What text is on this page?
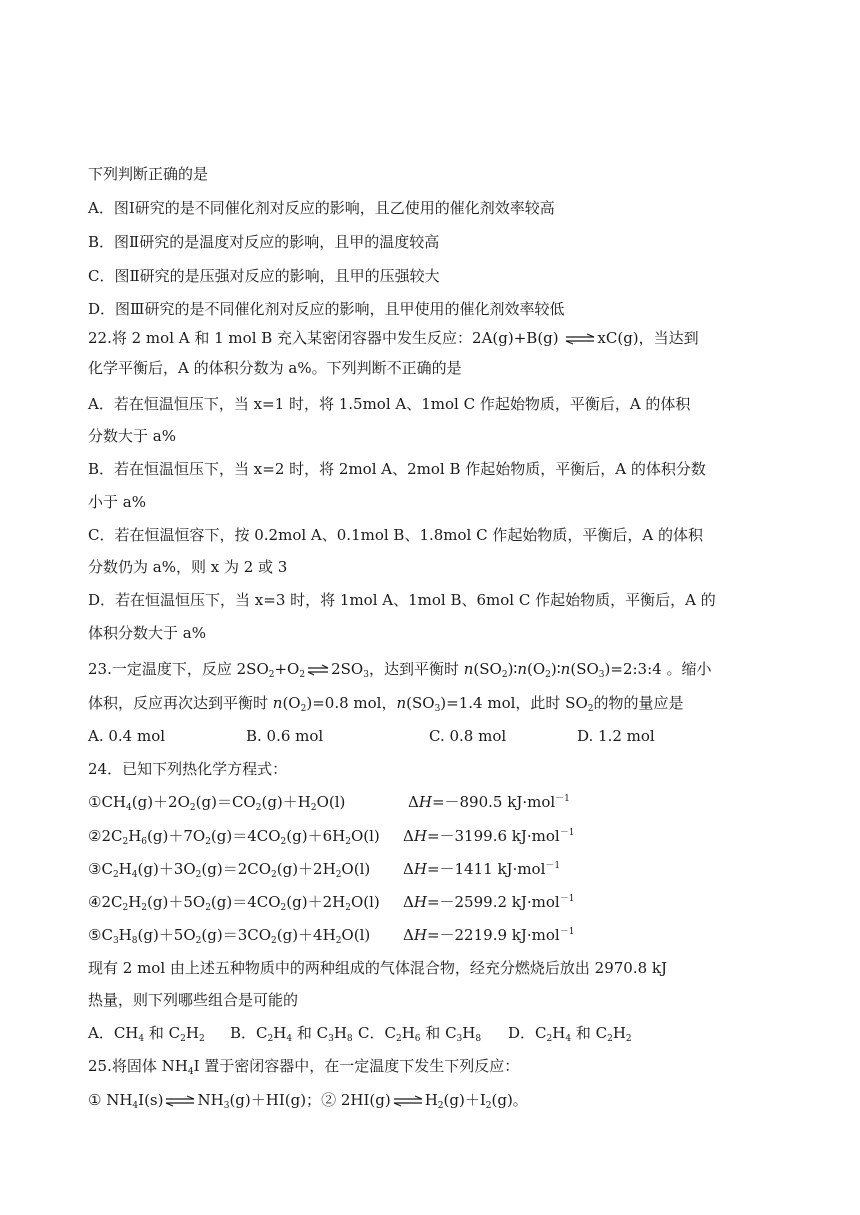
下列判断正确的是
A．图Ⅰ研究的是不同催化剂对反应的影响，且乙使用的催化剂效率较高
B．图Ⅱ研究的是温度对反应的影响，且甲的温度较高
C．图Ⅱ研究的是压强对反应的影响，且甲的压强较大
D．图Ⅲ研究的是不同催化剂对反应的影响，且甲使用的催化剂效率较低
22.将 2 mol A 和 1 mol B 充入某密闭容器中发生反应：2A(g)+B(g) ⇌ xC(g)，当达到
化学平衡后，A 的体积分数为 a%。下列判断不正确的是
A．若在恒温恒压下，当 x=1 时，将 1.5mol A、1mol C 作起始物质，平衡后，A 的体积
分数大于 a%
B．若在恒温恒压下，当 x=2 时，将 2mol A、2mol B 作起始物质，平衡后，A 的体积分数
小于 a%
C．若在恒温恒容下，按 0.2mol A、0.1mol B、1.8mol C 作起始物质，平衡后，A 的体积
分数仍为 a%，则 x 为 2 或 3
D．若在恒温恒压下，当 x=3 时，将 1mol A、1mol B、6mol C 作起始物质，平衡后，A 的
体积分数大于 a%
23.一定温度下，反应 $2SO_2+O_2$ ⇌ $2SO_3$，达到平衡时 $n(SO_2)∶n(O_2)∶n(SO_3)=2:3:4$ 。缩小
体积，反应再次达到平衡时 $n(O_2)=0.8$ mol，$n(SO_3)=1.4$ mol，此时 $SO_2$的物的量应是
A. 0.4 mol	B. 0.6 mol	C. 0.8 mol	D. 1.2 mol
24．已知下列热化学方程式：
$①CH_4(g)+2O_2(g)=CO_2(g)+H_2O(l)$	ΔH=－890.5 kJ·mol$^{-1}$
$②2C_2H_6(g)+7O_2(g)=4CO_2(g)+6H_2O(l)$ ΔH=－3199.6 kJ·mol$^{-1}$
$③C_2H_4(g)+3O_2(g)=2CO_2(g)+2H_2O(l)$ ΔH=－1411 kJ·mol$^{-1}$
$④2C_2H_2(g)+5O_2(g)=4CO_2(g)+2H_2O(l)$ ΔH=－2599.2 kJ·mol$^{-1}$
$⑤C_3H_8(g)+5O_2(g)=3CO_2(g)+4H_2O(l)$ ΔH=－2219.9 kJ·mol$^{-1}$
现有 2 mol 由上述五种物质中的两种组成的气体混合物，经充分燃烧后放出 2970.8 kJ
热量，则下列哪些组合是可能的
A．$CH_4$ 和 $C_2H_2$ B．$C_2H_4$ 和 $C_3H_8$ C．$C_2H_6$ 和 $C_3H_8$ D．$C_2H_4$ 和 $C_2H_2$
25.将固体 $NH_4I$ 置于密闭容器中，在一定温度下发生下列反应：
① $NH_4I(s)$ ⇌ $NH_3(g)+HI(g)$；② 2HI(g) ⇌ $H_2(g)+I_2(g)$。
